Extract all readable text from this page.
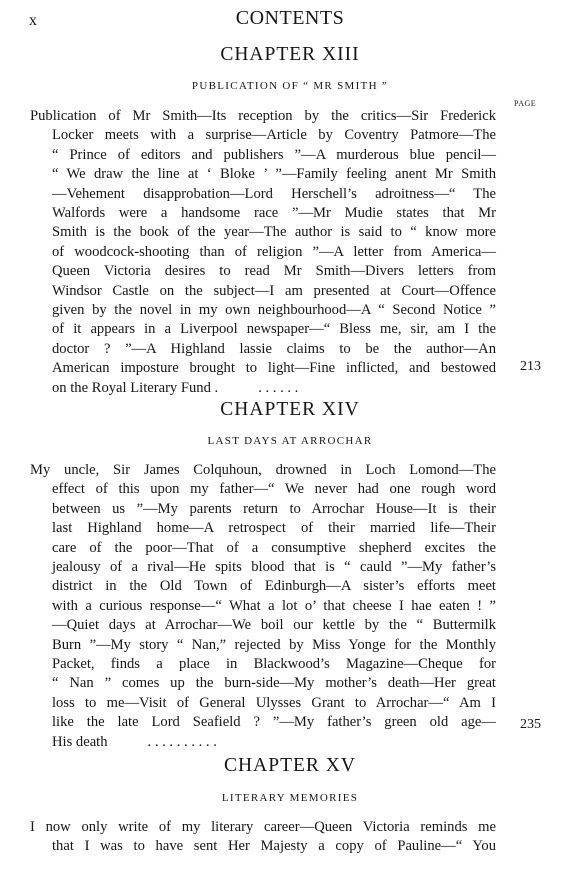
x	CONTENTS
PAGE
CHAPTER XIII
PUBLICATION OF “ MR SMITH ”
Publication of Mr Smith—Its reception by the critics—Sir Frederick
Locker meets with a surprise—Article by Coventry Patmore—The
“ Prince of editors and publishers ”—A murderous blue pencil—
“ We draw the line at ‘ Bloke ’ ”—Family feeling anent Mr Smith
—Vehement disapprobation—Lord Herschell’s adroitness—“ The
Walfords were a handsome race ”—Mr Mudie states that Mr
Smith is the book of the year—The author is said to “ know more
of woodcock-shooting than of religion ”—A letter from America—
Queen Victoria desires to read Mr Smith—Divers letters from
Windsor Castle on the subject—I am presented at Court—Offence
given by the novel in my own neighbourhood—A “ Second Notice ”
of it appears in a Liverpool newspaper—“ Bless me, sir, am I the
doctor ? ”—A Highland lassie claims to be the author—An
American imposture brought to light—Fine inflicted, and bestowed
on the Royal Literary Fund .	. . . . . .
213
CHAPTER XIV
LAST DAYS AT ARROCHAR
My uncle, Sir James Colquhoun, drowned in Loch Lomond—The
effect of this upon my father—“ We never had one rough word
between us ”—My parents return to Arrochar House—It is their
last Highland home—A retrospect of their married life—Their
care of the poor—That of a consumptive shepherd excites the
jealousy of a rival—He spits blood that is “ cauld ”—My father’s
district in the Old Town of Edinburgh—A sister’s efforts meet
with a curious response—“ What a lot o’ that cheese I hae eaten ! ”
—Quiet days at Arrochar—We boil our kettle by the “ Buttermilk
Burn ”—My story “ Nan,” rejected by Miss Yonge for the Monthly
Packet, finds a place in Blackwood’s Magazine—Cheque for
“ Nan ” comes up the burn-side—My mother’s death—Her great
loss to me—Visit of General Ulysses Grant to Arrochar—“ Am I
like the late Lord Seafield ? ”—My father’s green old age—
His death	. . . . . . . . . .
235
CHAPTER XV
LITERARY MEMORIES
I now only write of my literary career—Queen Victoria reminds me
that I was to have sent Her Majesty a copy of Pauline—“ You
